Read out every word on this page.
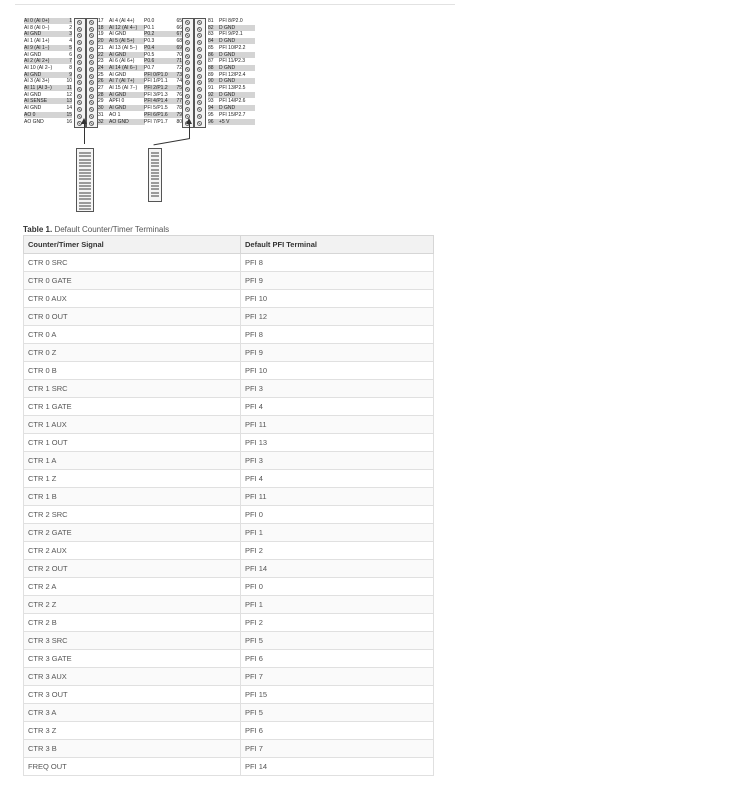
AI 0 (AI 0+)	1
AI 8 (AI 0−)	2
AI GND	3
AI 1 (AI 1+)	4
AI 9 (AI 1−)	5
AI GND	6
AI 2 (AI 2+)	7
AI 10 (AI 2−)	8
AI GND	9
AI 3 (AI 3+)	10
AI 11 (AI 3−)	11
AI GND	12
AI SENSE	13
AI GND	14
AO 0	15
AO GND	16
17 AI 4 (AI 4+)
18 AI 12 (AI 4−)
19 AI GND
20 AI 5 (AI 5+)
21 AI 13 (AI 5−)
22 AI GND
23 AI 6 (AI 6+)
24 AI 14 (AI 6−)
25 AI GND
26 AI 7 (AI 7+)
27 AI 15 (AI 7−)
28 AI GND
29 APFI 0
30 AI GND
31 AO 1
32 AO GND
P0.0	65
P0.1	66
P0.2	67
P0.3	68
P0.4	69
P0.5	70
P0.6	71
P0.7	72
PFI 0/P1.0 73
PFI 1/P1.1 74
PFI 2/P1.2 75
PFI 3/P1.3 76
PFI 4/P1.4 77
PFI 5/P1.5 78
PFI 6/P1.6 79
PFI 7/P1.7 80
81 PFI 8/P2.0
82 D GND
83 PFI 9/P2.1
84 D GND
85 PFI 10/P2.2
86 D GND
87 PFI 11/P2.3
88 D GND
89 PFI 12/P2.4
90 D GND
91 PFI 13/P2.5
92 D GND
93 PFI 14/P2.6
94 D GND
95 PFI 15/P2.7
96 +5 V
Table 1. Default Counter/Timer Terminals
Counter/Timer Signal	Default PFI Terminal
CTR 0 SRC	PFI 8
CTR 0 GATE	PFI 9
CTR 0 AUX	PFI 10
CTR 0 OUT	PFI 12
CTR 0 A	PFI 8
CTR 0 Z	PFI 9
CTR 0 B	PFI 10
CTR 1 SRC	PFI 3
CTR 1 GATE	PFI 4
CTR 1 AUX	PFI 11
CTR 1 OUT	PFI 13
CTR 1 A	PFI 3
CTR 1 Z	PFI 4
CTR 1 B	PFI 11
CTR 2 SRC	PFI 0
CTR 2 GATE	PFI 1
CTR 2 AUX	PFI 2
CTR 2 OUT	PFI 14
CTR 2 A	PFI 0
CTR 2 Z	PFI 1
CTR 2 B	PFI 2
CTR 3 SRC	PFI 5
CTR 3 GATE	PFI 6
CTR 3 AUX	PFI 7
CTR 3 OUT	PFI 15
CTR 3 A	PFI 5
CTR 3 Z	PFI 6
CTR 3 B	PFI 7
FREQ OUT	PFI 14
